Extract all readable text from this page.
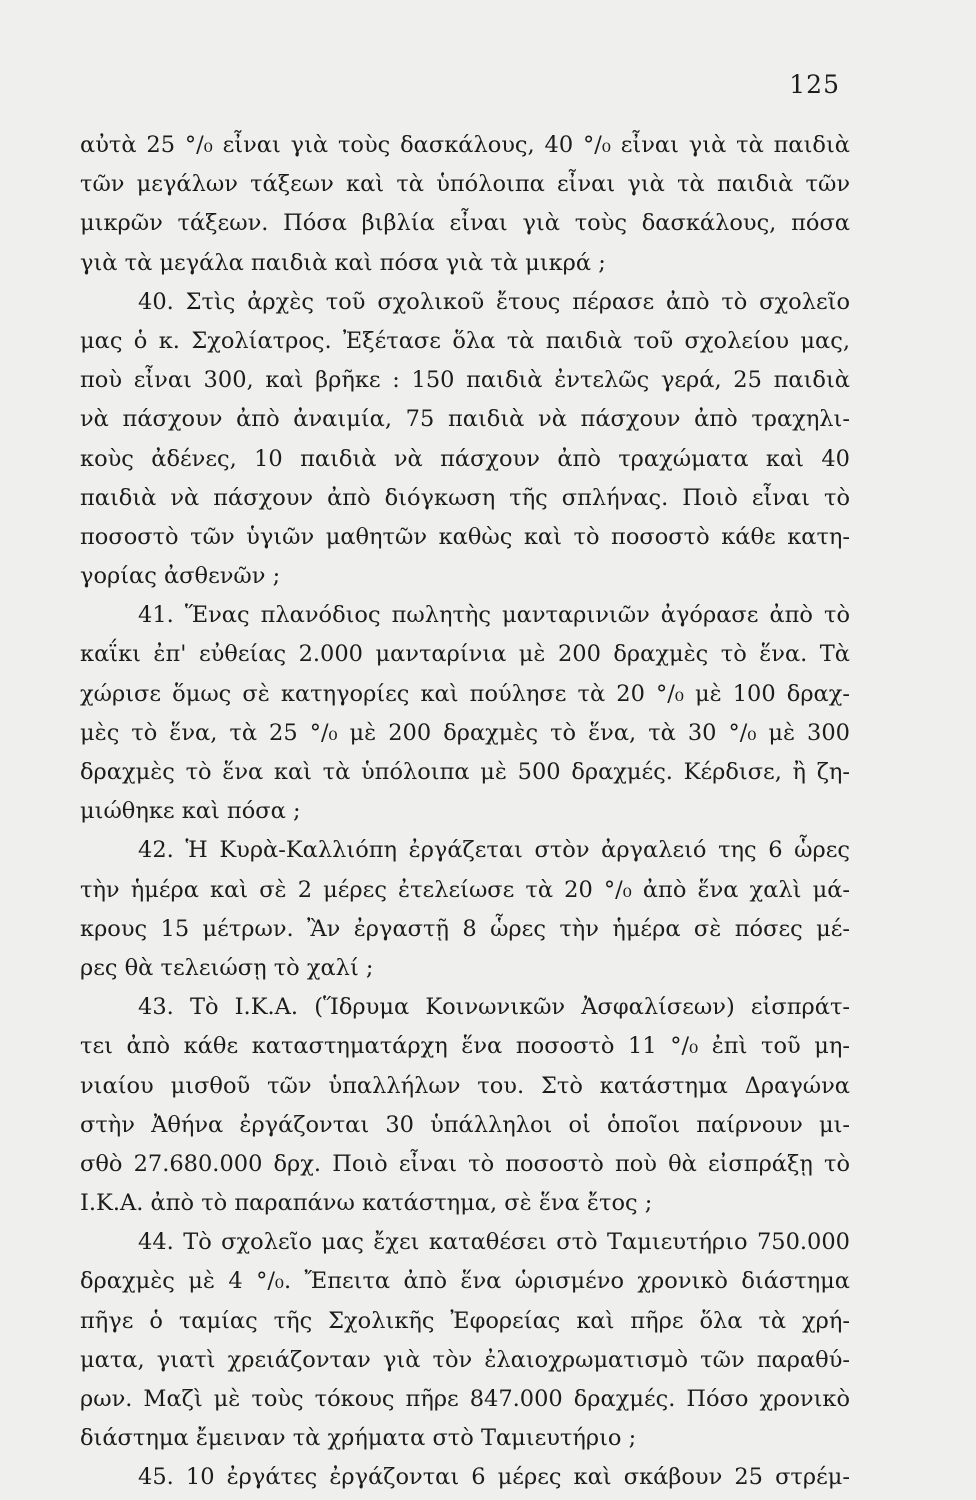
125
αὐτὰ 25 °/₀ εἶναι γιὰ τοὺς δασκάλους, 40 °/₀ εἶναι γιὰ τὰ παιδιὰ
τῶν μεγάλων τάξεων καὶ τὰ ὑπόλοιπα εἶναι γιὰ τὰ παιδιὰ τῶν
μικρῶν τάξεων. Πόσα βιβλία εἶναι γιὰ τοὺς δασκάλους, πόσα
γιὰ τὰ μεγάλα παιδιὰ καὶ πόσα γιὰ τὰ μικρά ;
40. Στὶς ἀρχὲς τοῦ σχολικοῦ ἔτους πέρασε ἀπὸ τὸ σχολεῖο
μας ὁ κ. Σχολίατρος. Ἐξέτασε ὅλα τὰ παιδιὰ τοῦ σχολείου μας,
ποὺ εἶναι 300, καὶ βρῆκε : 150 παιδιὰ ἐντελῶς γερά, 25 παιδιὰ
νὰ πάσχουν ἀπὸ ἀναιμία, 75 παιδιὰ νὰ πάσχουν ἀπὸ τραχηλι-
κοὺς ἀδένες, 10 παιδιὰ νὰ πάσχουν ἀπὸ τραχώματα καὶ 40
παιδιὰ νὰ πάσχουν ἀπὸ διόγκωση τῆς σπλήνας. Ποιὸ εἶναι τὸ
ποσοστὸ τῶν ὑγιῶν μαθητῶν καθὼς καὶ τὸ ποσοστὸ κάθε κατη-
γορίας ἀσθενῶν ;
41. Ἕνας πλανόδιος πωλητὴς μανταρινιῶν ἀγόρασε ἀπὸ τὸ
καΐκι ἐπ' εὐθείας 2.000 μανταρίνια μὲ 200 δραχμὲς τὸ ἕνα. Τὰ
χώρισε ὅμως σὲ κατηγορίες καὶ πούλησε τὰ 20 °/₀ μὲ 100 δραχ-
μὲς τὸ ἕνα, τὰ 25 °/₀ μὲ 200 δραχμὲς τὸ ἕνα, τὰ 30 °/₀ μὲ 300
δραχμὲς τὸ ἕνα καὶ τὰ ὑπόλοιπα μὲ 500 δραχμές. Κέρδισε, ἢ ζη-
μιώθηκε καὶ πόσα ;
42. Ἡ Κυρὰ-Καλλιόπη ἐργάζεται στὸν ἀργαλειό της 6 ὧρες
τὴν ἡμέρα καὶ σὲ 2 μέρες ἐτελείωσε τὰ 20 °/₀ ἀπὸ ἕνα χαλὶ μά-
κρους 15 μέτρων. Ἂν ἐργαστῇ 8 ὧρες τὴν ἡμέρα σὲ πόσες μέ-
ρες θὰ τελειώσῃ τὸ χαλί ;
43. Τὸ Ι.Κ.Α. (Ἵδρυμα Κοινωνικῶν Ἀσφαλίσεων) εἰσπράτ-
τει ἀπὸ κάθε καταστηματάρχη ἕνα ποσοστὸ 11 °/₀ ἐπὶ τοῦ μη-
νιαίου μισθοῦ τῶν ὑπαλλήλων του. Στὸ κατάστημα Δραγώνα
στὴν Ἀθήνα ἐργάζονται 30 ὑπάλληλοι οἱ ὁποῖοι παίρνουν μι-
σθὸ 27.680.000 δρχ. Ποιὸ εἶναι τὸ ποσοστὸ ποὺ θὰ εἰσπράξῃ τὸ
Ι.Κ.Α. ἀπὸ τὸ παραπάνω κατάστημα, σὲ ἕνα ἔτος ;
44. Τὸ σχολεῖο μας ἔχει καταθέσει στὸ Ταμιευτήριο 750.000
δραχμὲς μὲ 4 °/₀. Ἔπειτα ἀπὸ ἕνα ὡρισμένο χρονικὸ διάστημα
πῆγε ὁ ταμίας τῆς Σχολικῆς Ἐφορείας καὶ πῆρε ὅλα τὰ χρή-
ματα, γιατὶ χρειάζονταν γιὰ τὸν ἐλαιοχρωματισμὸ τῶν παραθύ-
ρων. Μαζὶ μὲ τοὺς τόκους πῆρε 847.000 δραχμές. Πόσο χρονικὸ
διάστημα ἔμειναν τὰ χρήματα στὸ Ταμιευτήριο ;
45. 10 ἐργάτες ἐργάζονται 6 μέρες καὶ σκάβουν 25 στρέμ-
